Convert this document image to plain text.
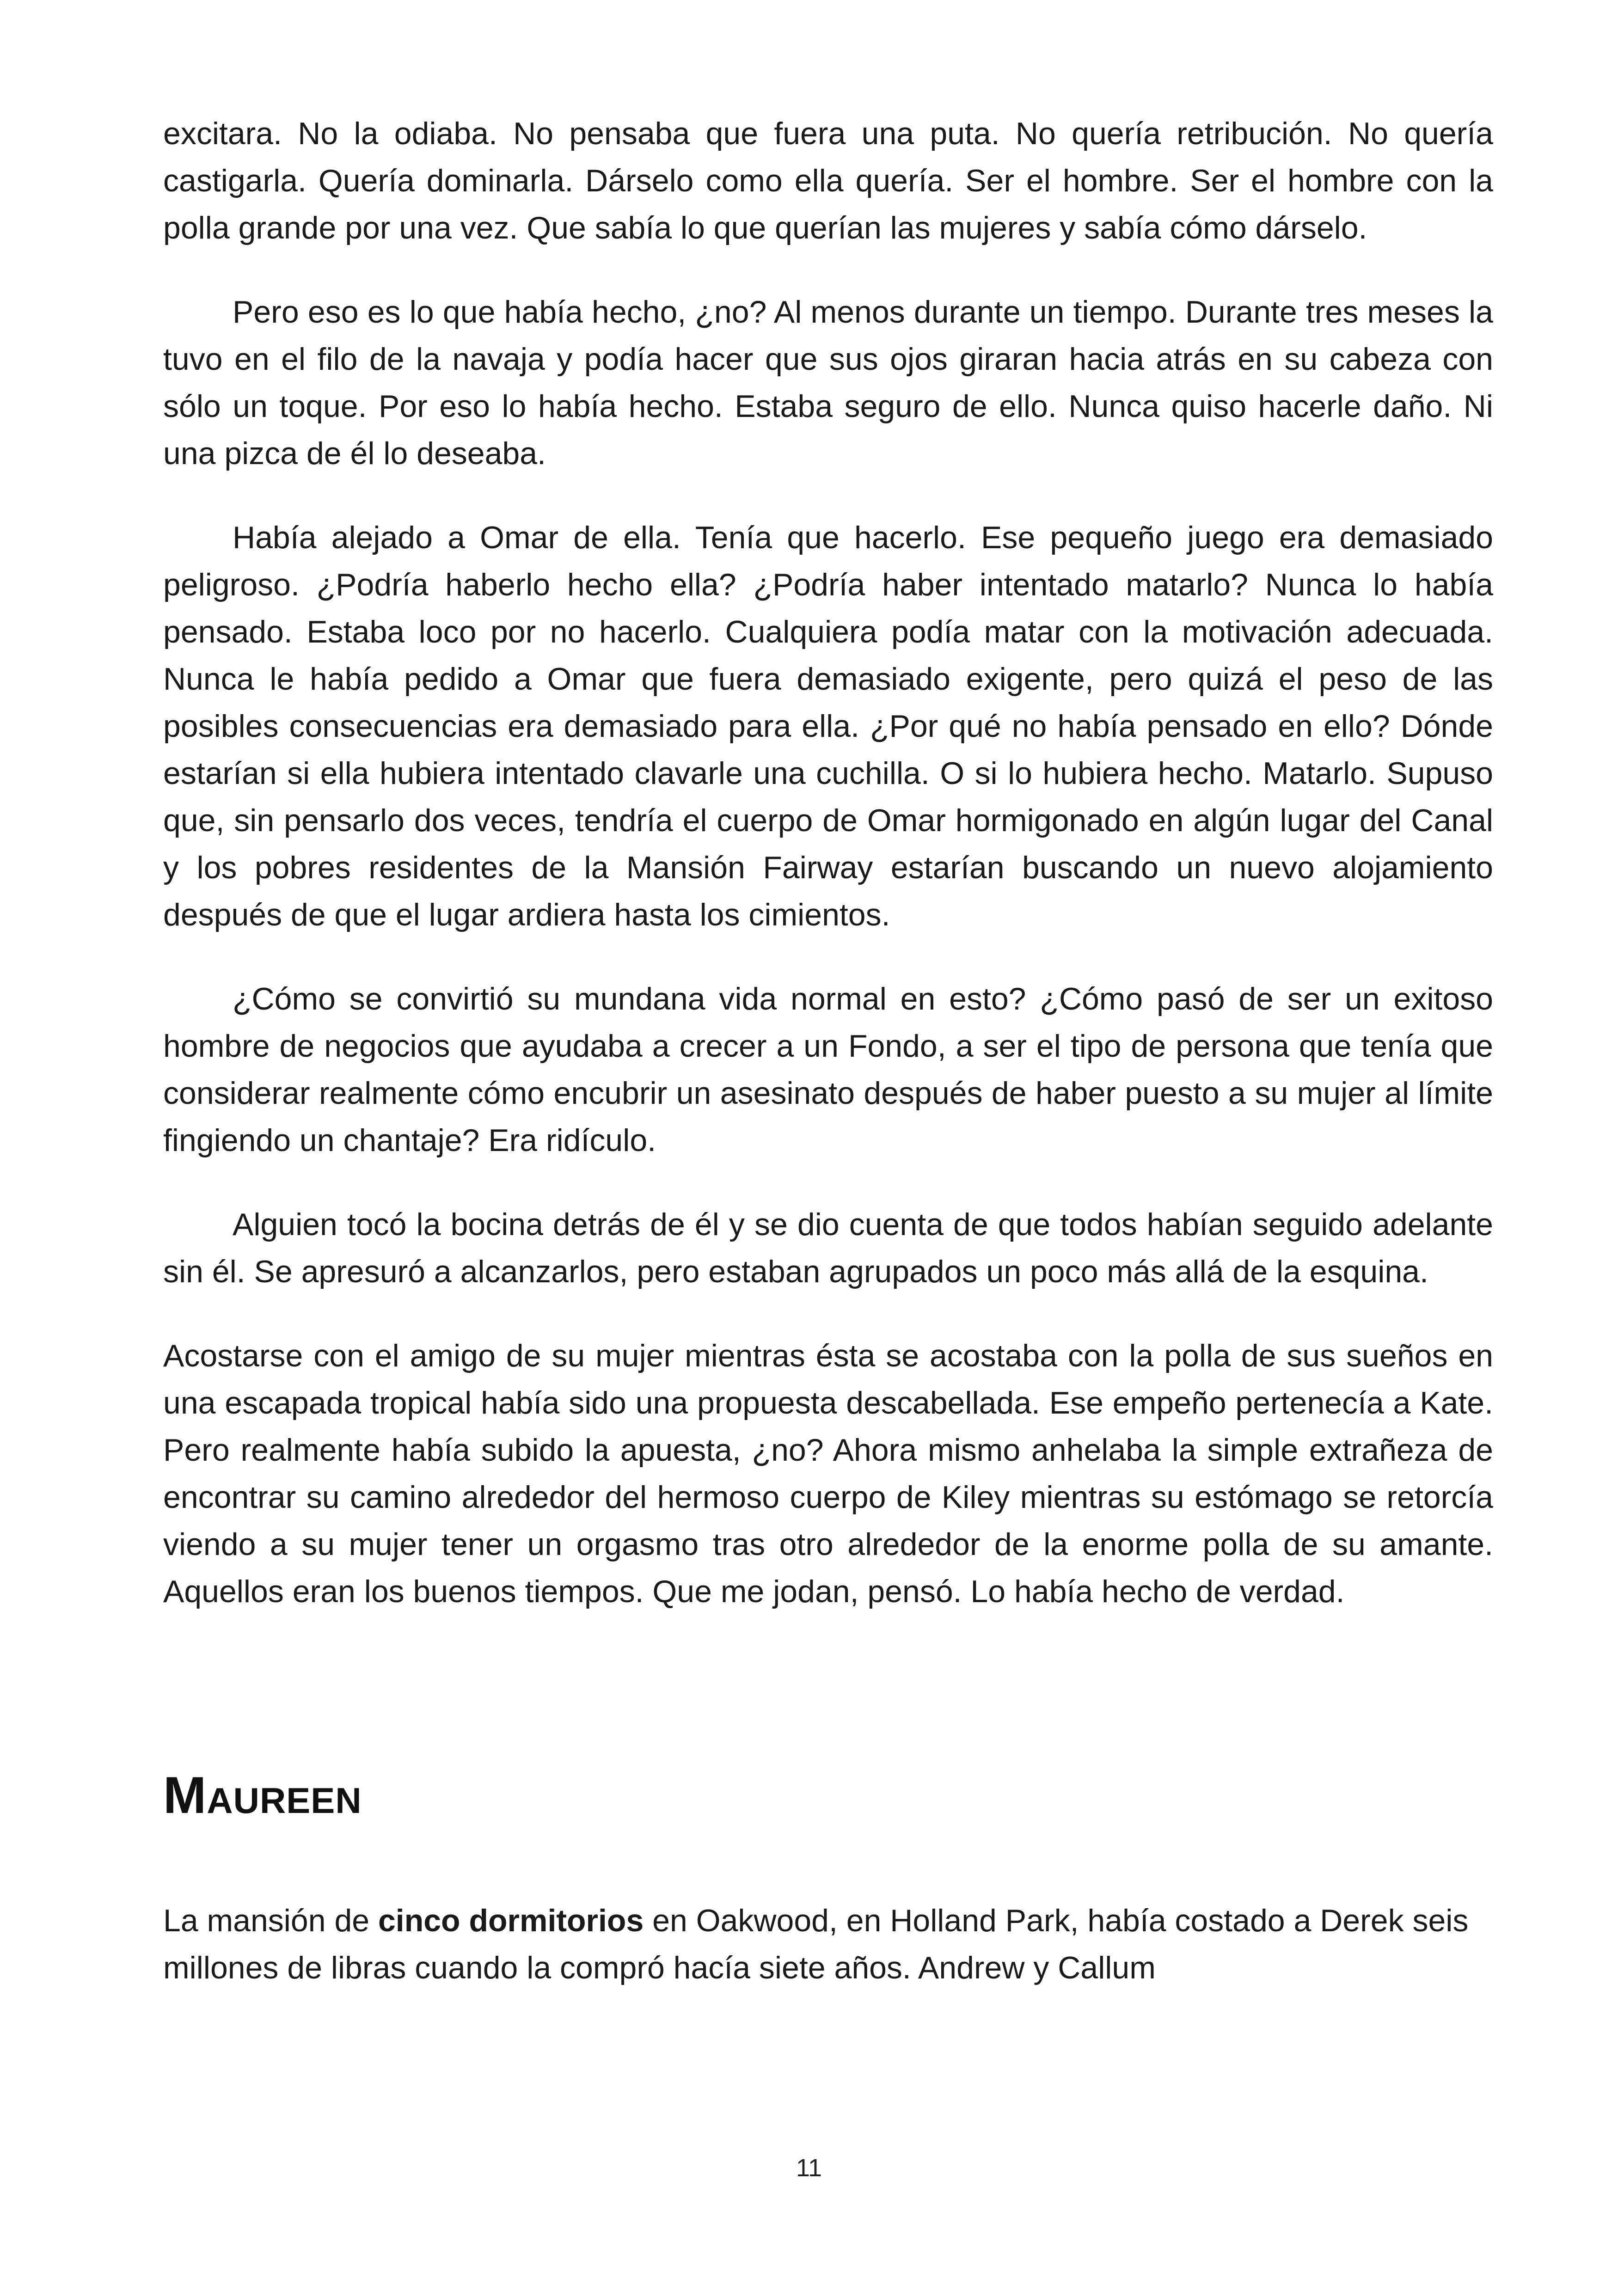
excitara. No la odiaba. No pensaba que fuera una puta. No quería retribución. No quería castigarla. Quería dominarla. Dárselo como ella quería. Ser el hombre. Ser el hombre con la polla grande por una vez. Que sabía lo que querían las mujeres y sabía cómo dárselo.

Pero eso es lo que había hecho, ¿no? Al menos durante un tiempo. Durante tres meses la tuvo en el filo de la navaja y podía hacer que sus ojos giraran hacia atrás en su cabeza con sólo un toque. Por eso lo había hecho. Estaba seguro de ello. Nunca quiso hacerle daño. Ni una pizca de él lo deseaba.

Había alejado a Omar de ella. Tenía que hacerlo. Ese pequeño juego era demasiado peligroso. ¿Podría haberlo hecho ella? ¿Podría haber intentado matarlo? Nunca lo había pensado. Estaba loco por no hacerlo. Cualquiera podía matar con la motivación adecuada. Nunca le había pedido a Omar que fuera demasiado exigente, pero quizá el peso de las posibles consecuencias era demasiado para ella. ¿Por qué no había pensado en ello? Dónde estarían si ella hubiera intentado clavarle una cuchilla. O si lo hubiera hecho. Matarlo. Supuso que, sin pensarlo dos veces, tendría el cuerpo de Omar hormigonado en algún lugar del Canal y los pobres residentes de la Mansión Fairway estarían buscando un nuevo alojamiento después de que el lugar ardiera hasta los cimientos.

¿Cómo se convirtió su mundana vida normal en esto? ¿Cómo pasó de ser un exitoso hombre de negocios que ayudaba a crecer a un Fondo, a ser el tipo de persona que tenía que considerar realmente cómo encubrir un asesinato después de haber puesto a su mujer al límite fingiendo un chantaje? Era ridículo.

Alguien tocó la bocina detrás de él y se dio cuenta de que todos habían seguido adelante sin él. Se apresuró a alcanzarlos, pero estaban agrupados un poco más allá de la esquina.

Acostarse con el amigo de su mujer mientras ésta se acostaba con la polla de sus sueños en una escapada tropical había sido una propuesta descabellada. Ese empeño pertenecía a Kate. Pero realmente había subido la apuesta, ¿no? Ahora mismo anhelaba la simple extrañeza de encontrar su camino alrededor del hermoso cuerpo de Kiley mientras su estómago se retorcía viendo a su mujer tener un orgasmo tras otro alrededor de la enorme polla de su amante. Aquellos eran los buenos tiempos. Que me jodan, pensó. Lo había hecho de verdad.

Maureen

La mansión de cinco dormitorios en Oakwood, en Holland Park, había costado a Derek seis millones de libras cuando la compró hacía siete años. Andrew y Callum

11
